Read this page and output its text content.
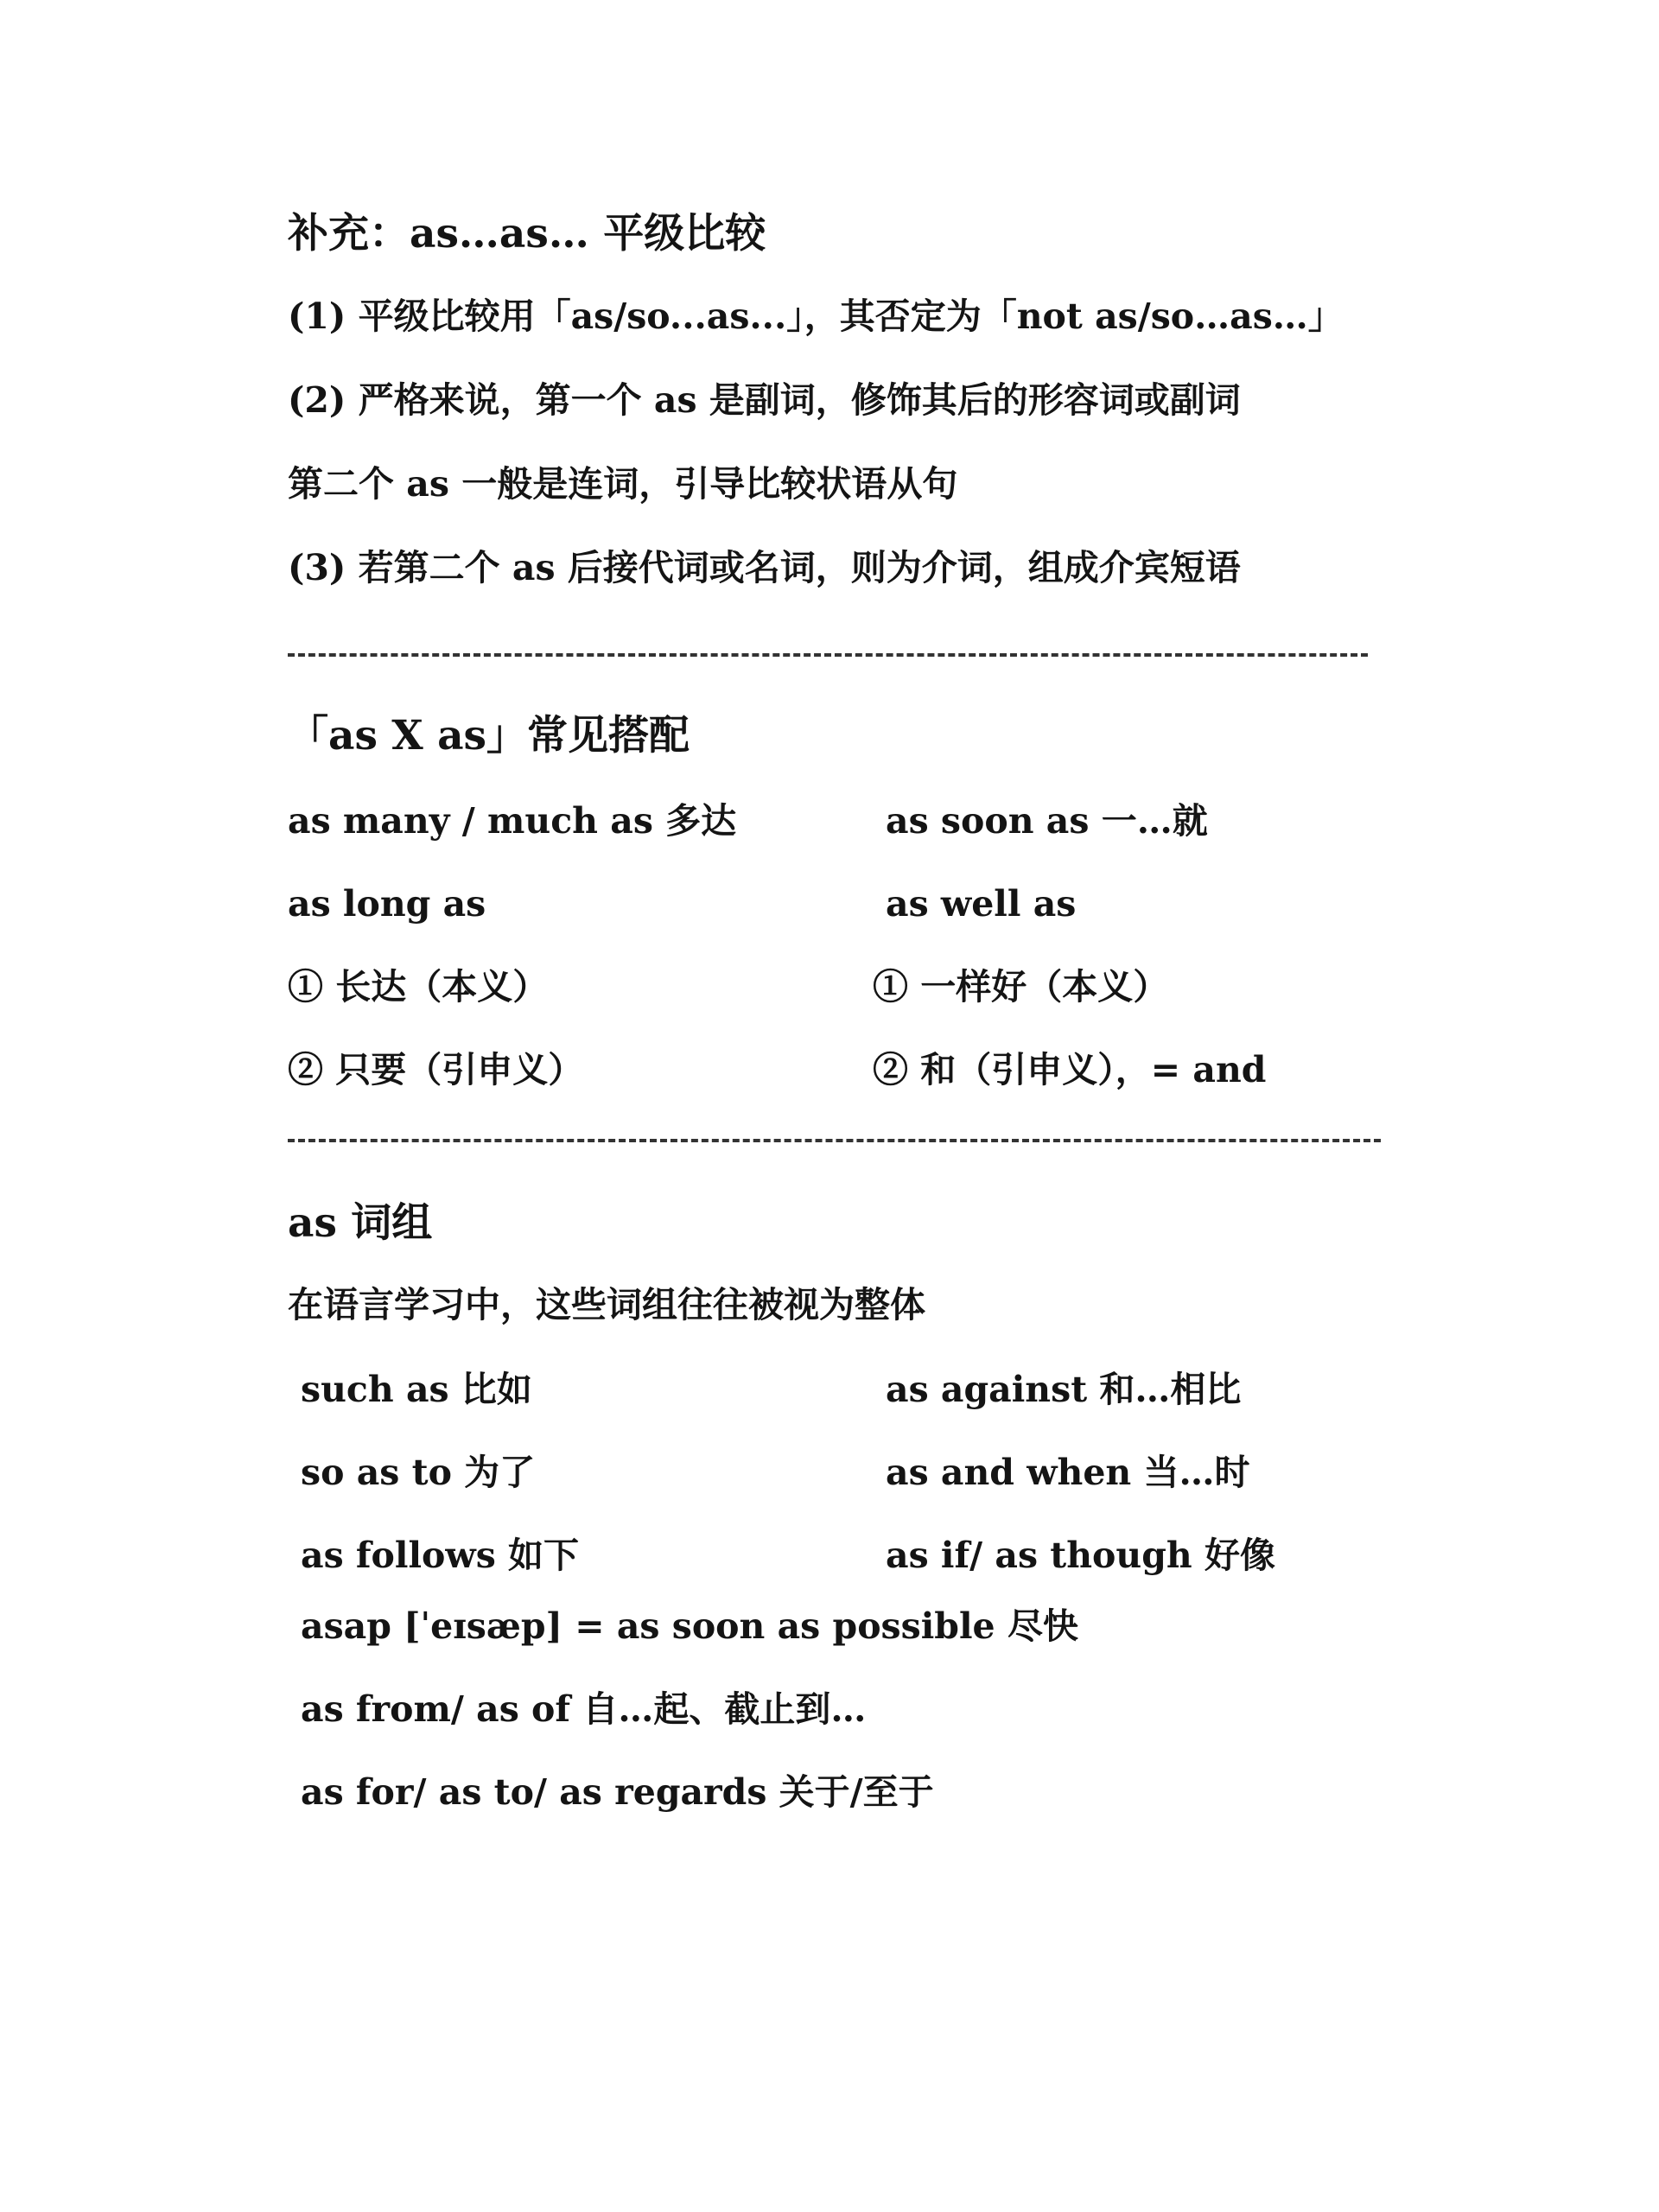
补充：as…as… 平级比较
(1) 平级比较用「as/so...as...」，其否定为「not as/so…as…」
(2) 严格来说，第一个 as 是副词，修饰其后的形容词或副词
第二个 as 一般是连词，引导比较状语从句
(3) 若第二个 as 后接代词或名词，则为介词，组成介宾短语
「as X as」常见搭配
as many / much as 多达
as long as
① 长达（本义）
② 只要（引申义）
as soon as 一…就
as well as
① 一样好（本义）
② 和（引申义），= and
as 词组
在语言学习中，这些词组往往被视为整体
such as 比如
so as to 为了
as follows 如下
as against 和…相比
as and when 当…时
as if/ as though 好像
asap [ˈeɪsæp] = as soon as possible 尽快
as from/ as of 自…起、截止到…
as for/ as to/ as regards 关于/至于
